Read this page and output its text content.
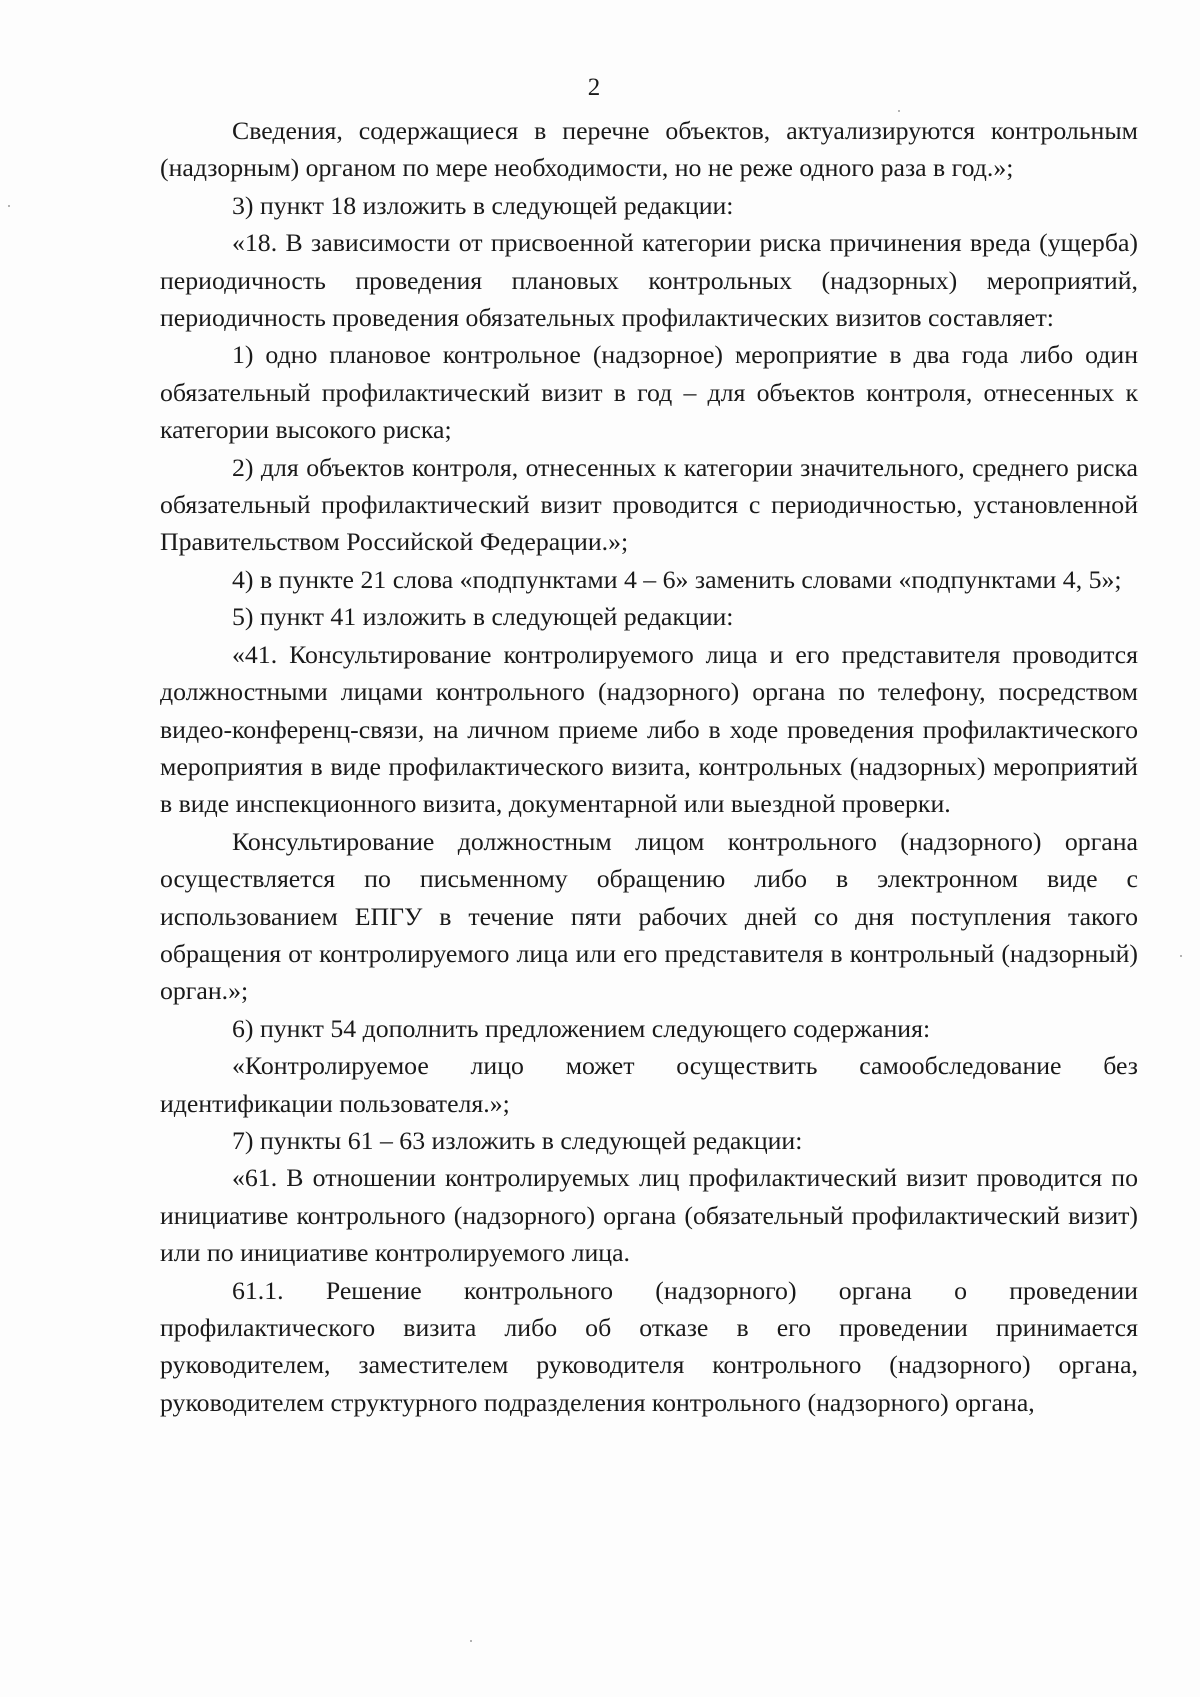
2

Сведения, содержащиеся в перечне объектов, актуализируются контрольным (надзорным) органом по мере необходимости, но не реже одного раза в год.»;

3) пункт 18 изложить в следующей редакции:

«18. В зависимости от присвоенной категории риска причинения вреда (ущерба) периодичность проведения плановых контрольных (надзорных) мероприятий, периодичность проведения обязательных профилактических визитов составляет:

1) одно плановое контрольное (надзорное) мероприятие в два года либо один обязательный профилактический визит в год – для объектов контроля, отнесенных к категории высокого риска;

2) для объектов контроля, отнесенных к категории значительного, среднего риска обязательный профилактический визит проводится с периодичностью, установленной Правительством Российской Федерации.»;

4) в пункте 21 слова «подпунктами 4 – 6» заменить словами «подпунктами 4, 5»;

5) пункт 41 изложить в следующей редакции:

«41. Консультирование контролируемого лица и его представителя проводится должностными лицами контрольного (надзорного) органа по телефону, посредством видео-конференц-связи, на личном приеме либо в ходе проведения профилактического мероприятия в виде профилактического визита, контрольных (надзорных) мероприятий в виде инспекционного визита, документарной или выездной проверки.

Консультирование должностным лицом контрольного (надзорного) органа осуществляется по письменному обращению либо в электронном виде с использованием ЕПГУ в течение пяти рабочих дней со дня поступления такого обращения от контролируемого лица или его представителя в контрольный (надзорный) орган.»;

6) пункт 54 дополнить предложением следующего содержания:

«Контролируемое лицо может осуществить самообследование без идентификации пользователя.»;

7) пункты 61 – 63 изложить в следующей редакции:

«61. В отношении контролируемых лиц профилактический визит проводится по инициативе контрольного (надзорного) органа (обязательный профилактический визит) или по инициативе контролируемого лица.

61.1. Решение контрольного (надзорного) органа о проведении профилактического визита либо об отказе в его проведении принимается руководителем, заместителем руководителя контрольного (надзорного) органа, руководителем структурного подразделения контрольного (надзорного) органа,
